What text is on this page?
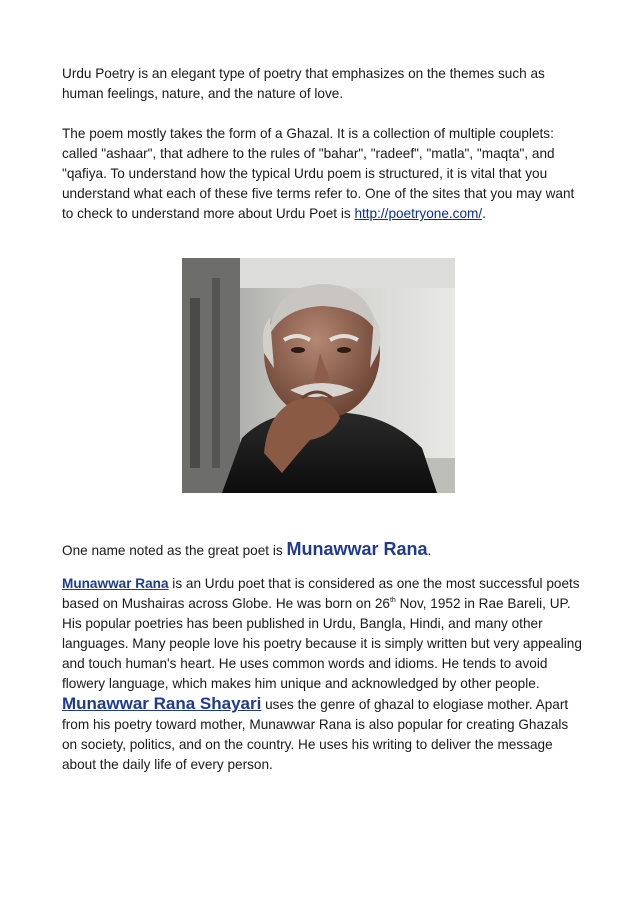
Urdu Poetry is an elegant type of poetry that emphasizes on the themes such as human feelings, nature, and the nature of love.

The poem mostly takes the form of a Ghazal. It is a collection of multiple couplets: called "ashaar", that adhere to the rules of "bahar", "radeef", "matla", "maqta", and "qafiya. To understand how the typical Urdu poem is structured, it is vital that you understand what each of these five terms refer to. One of the sites that you may want to check to understand more about Urdu Poet is http://poetryone.com/.

One name noted as the great poet is Munawwar Rana.

Munawwar Rana is an Urdu poet that is considered as one the most successful poets based on Mushairas across Globe. He was born on 26th Nov, 1952 in Rae Bareli, UP. His popular poetries has been published in Urdu, Bangla, Hindi, and many other languages. Many people love his poetry because it is simply written but very appealing and touch human's heart. He uses common words and idioms. He tends to avoid flowery language, which makes him unique and acknowledged by other people. Munawwar Rana Shayari uses the genre of ghazal to elogiase mother. Apart from his poetry toward mother, Munawwar Rana is also popular for creating Ghazals on society, politics, and on the country. He uses his writing to deliver the message about the daily life of every person.
